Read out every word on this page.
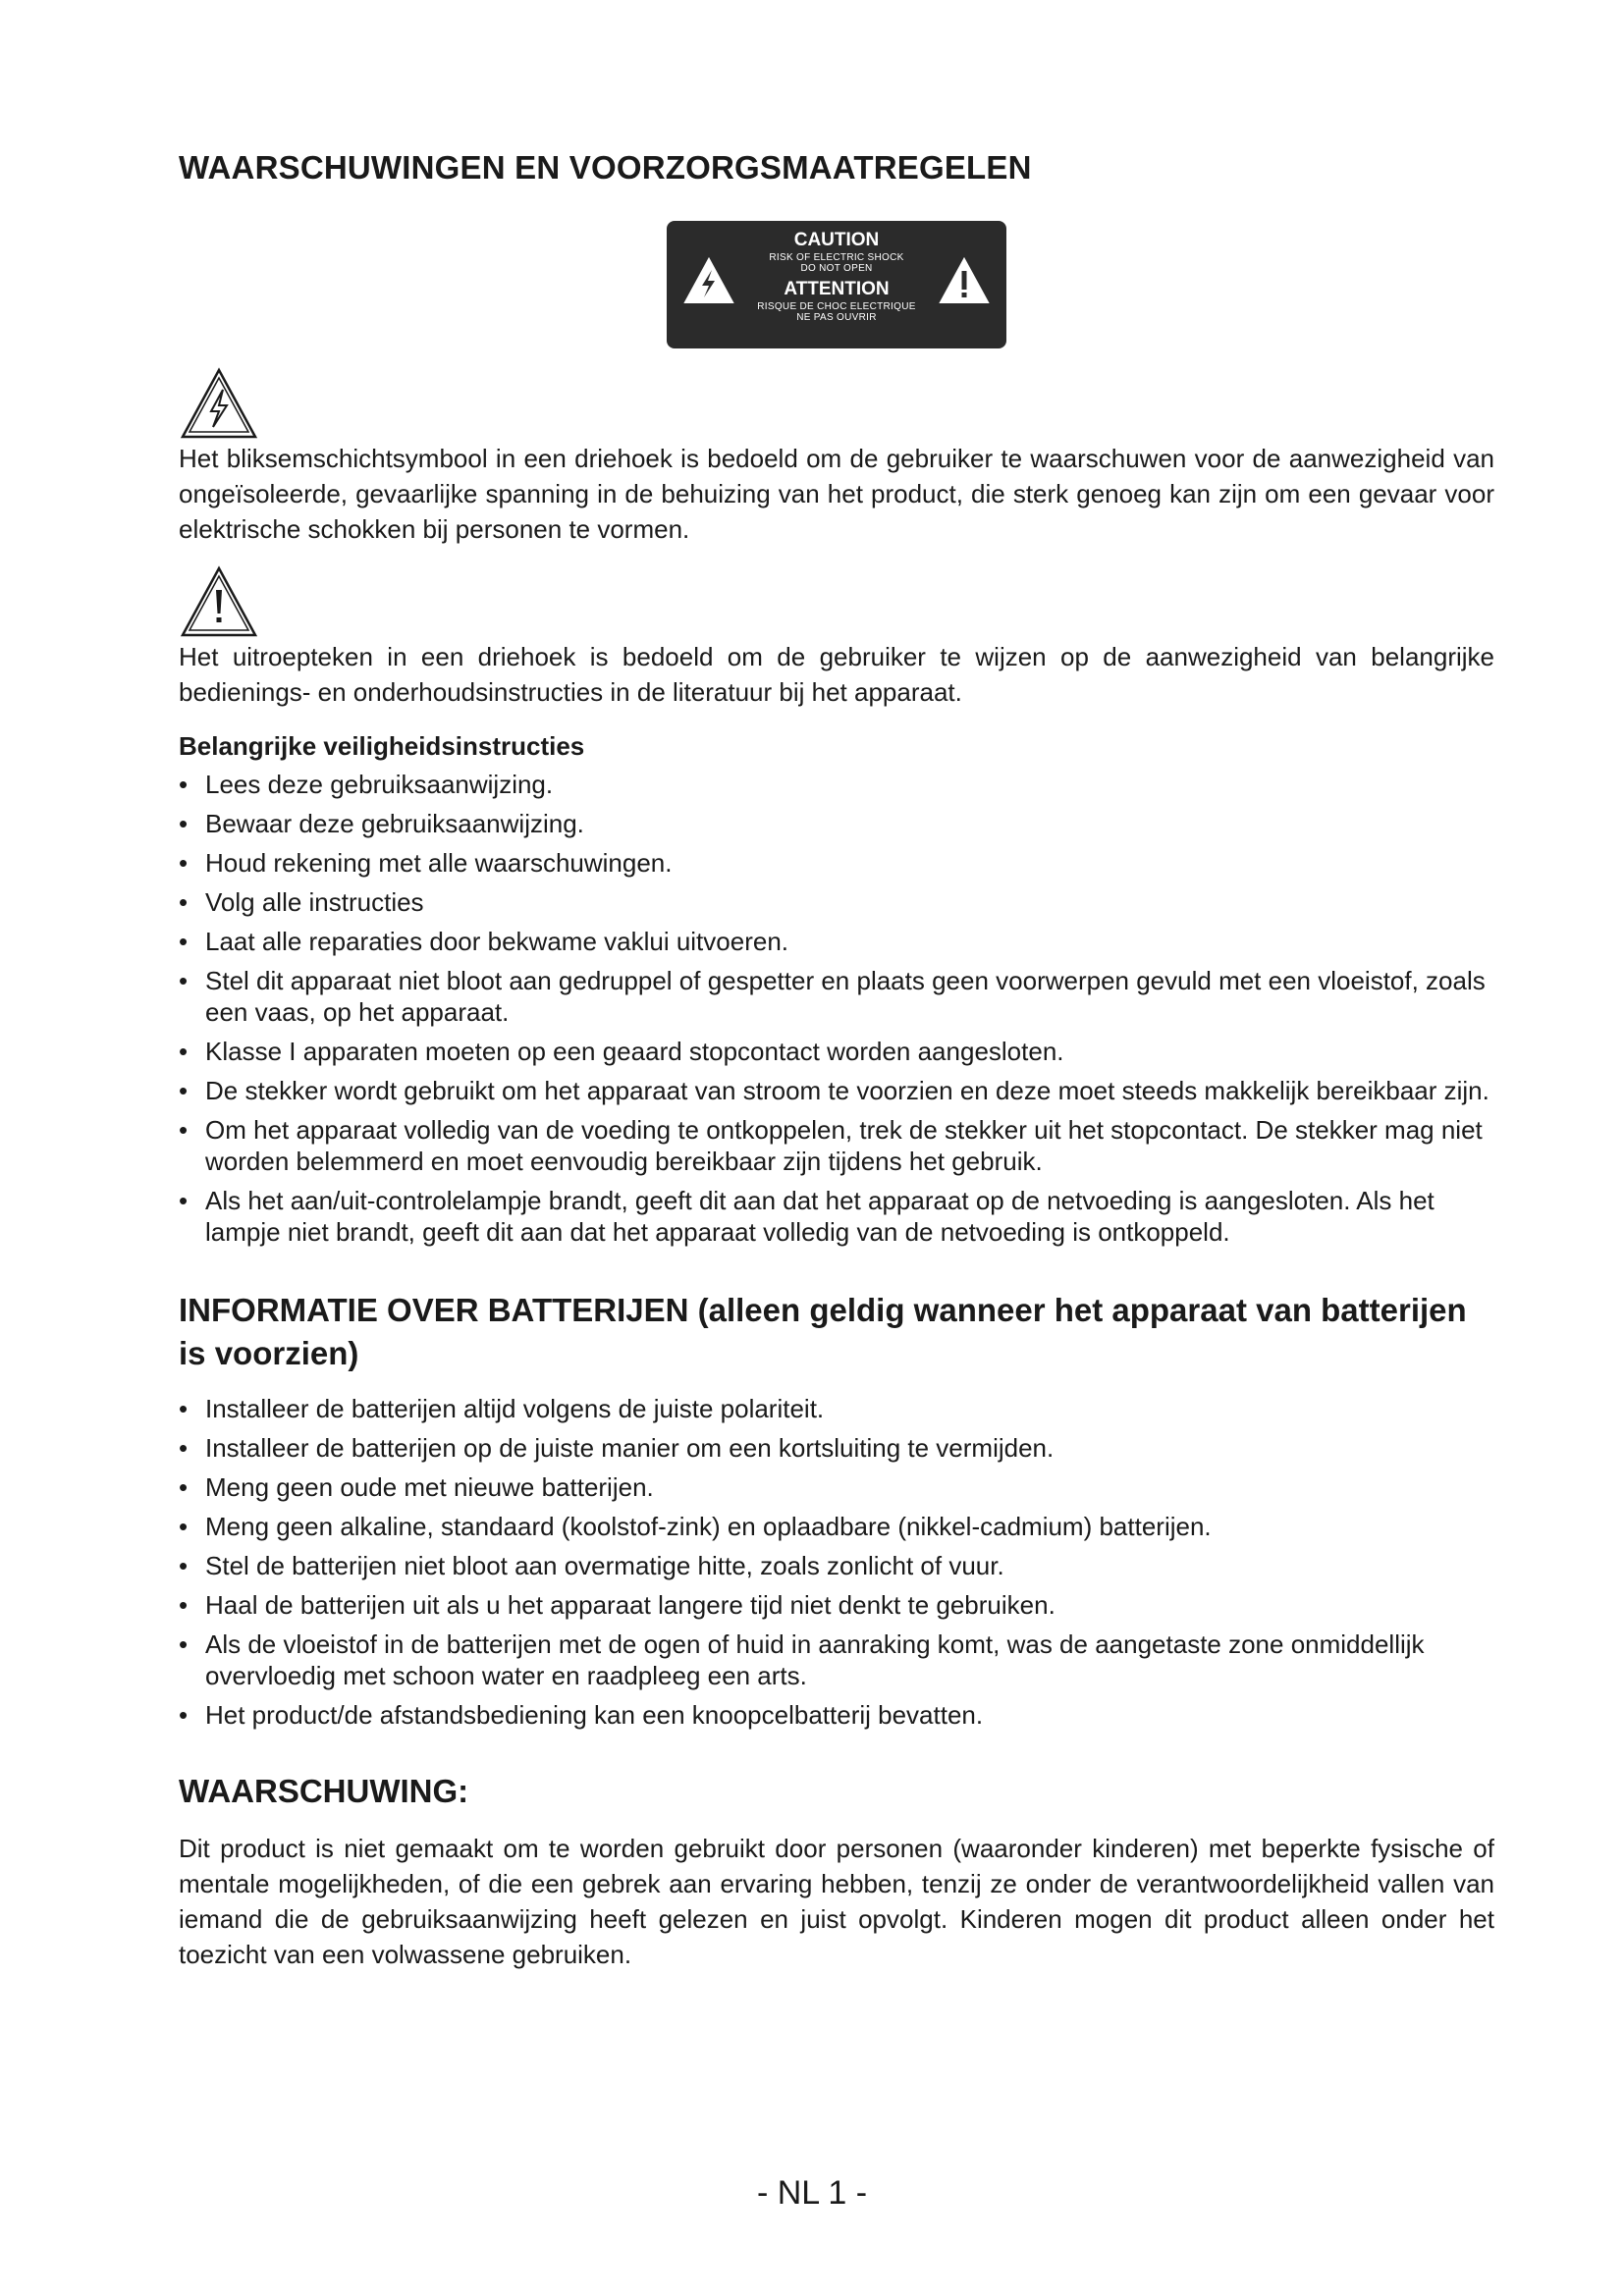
WAARSCHUWINGEN EN VOORZORGSMAATREGELEN
CAUTION
RISK OF ELECTRIC SHOCK
DO NOT OPEN
ATTENTION
RISQUE DE CHOC ELECTRIQUE
NE PAS OUVRIR

Het bliksemschichtsymbool in een driehoek is bedoeld om de gebruiker te waarschuwen voor de aanwezigheid van ongeïsoleerde, gevaarlijke spanning in de behuizing van het product, die sterk genoeg kan zijn om een gevaar voor elektrische schokken bij personen te vormen.

Het uitroepteken in een driehoek is bedoeld om de gebruiker te wijzen op de aanwezigheid van belangrijke bedienings- en onderhoudsinstructies in de literatuur bij het apparaat.

Belangrijke veiligheidsinstructies
• Lees deze gebruiksaanwijzing.
• Bewaar deze gebruiksaanwijzing.
• Houd rekening met alle waarschuwingen.
• Volg alle instructies
• Laat alle reparaties door bekwame vaklui uitvoeren.
• Stel dit apparaat niet bloot aan gedruppel of gespetter en plaats geen voorwerpen gevuld met een vloeistof, zoals een vaas, op het apparaat.
• Klasse I apparaten moeten op een geaard stopcontact worden aangesloten.
• De stekker wordt gebruikt om het apparaat van stroom te voorzien en deze moet steeds makkelijk bereikbaar zijn.
• Om het apparaat volledig van de voeding te ontkoppelen, trek de stekker uit het stopcontact. De stekker mag niet worden belemmerd en moet eenvoudig bereikbaar zijn tijdens het gebruik.
• Als het aan/uit-controlelampje brandt, geeft dit aan dat het apparaat op de netvoeding is aangesloten. Als het lampje niet brandt, geeft dit aan dat het apparaat volledig van de netvoeding is ontkoppeld.
INFORMATIE OVER BATTERIJEN (alleen geldig wanneer het apparaat van batterijen is voorzien)
• Installeer de batterijen altijd volgens de juiste polariteit.
• Installeer de batterijen op de juiste manier om een kortsluiting te vermijden.
• Meng geen oude met nieuwe batterijen.
• Meng geen alkaline, standaard (koolstof-zink) en oplaadbare (nikkel-cadmium) batterijen.
• Stel de batterijen niet bloot aan overmatige hitte, zoals zonlicht of vuur.
• Haal de batterijen uit als u het apparaat langere tijd niet denkt te gebruiken.
• Als de vloeistof in de batterijen met de ogen of huid in aanraking komt, was de aangetaste zone onmiddellijk overvloedig met schoon water en raadpleeg een arts.
• Het product/de afstandsbediening kan een knoopcelbatterij bevatten.
WAARSCHUWING:

Dit product is niet gemaakt om te worden gebruikt door personen (waaronder kinderen) met beperkte fysische of mentale mogelijkheden, of die een gebrek aan ervaring hebben, tenzij ze onder de verantwoordelijkheid vallen van iemand die de gebruiksaanwijzing heeft gelezen en juist opvolgt. Kinderen mogen dit product alleen onder het toezicht van een volwassene gebruiken.

- NL 1 -
